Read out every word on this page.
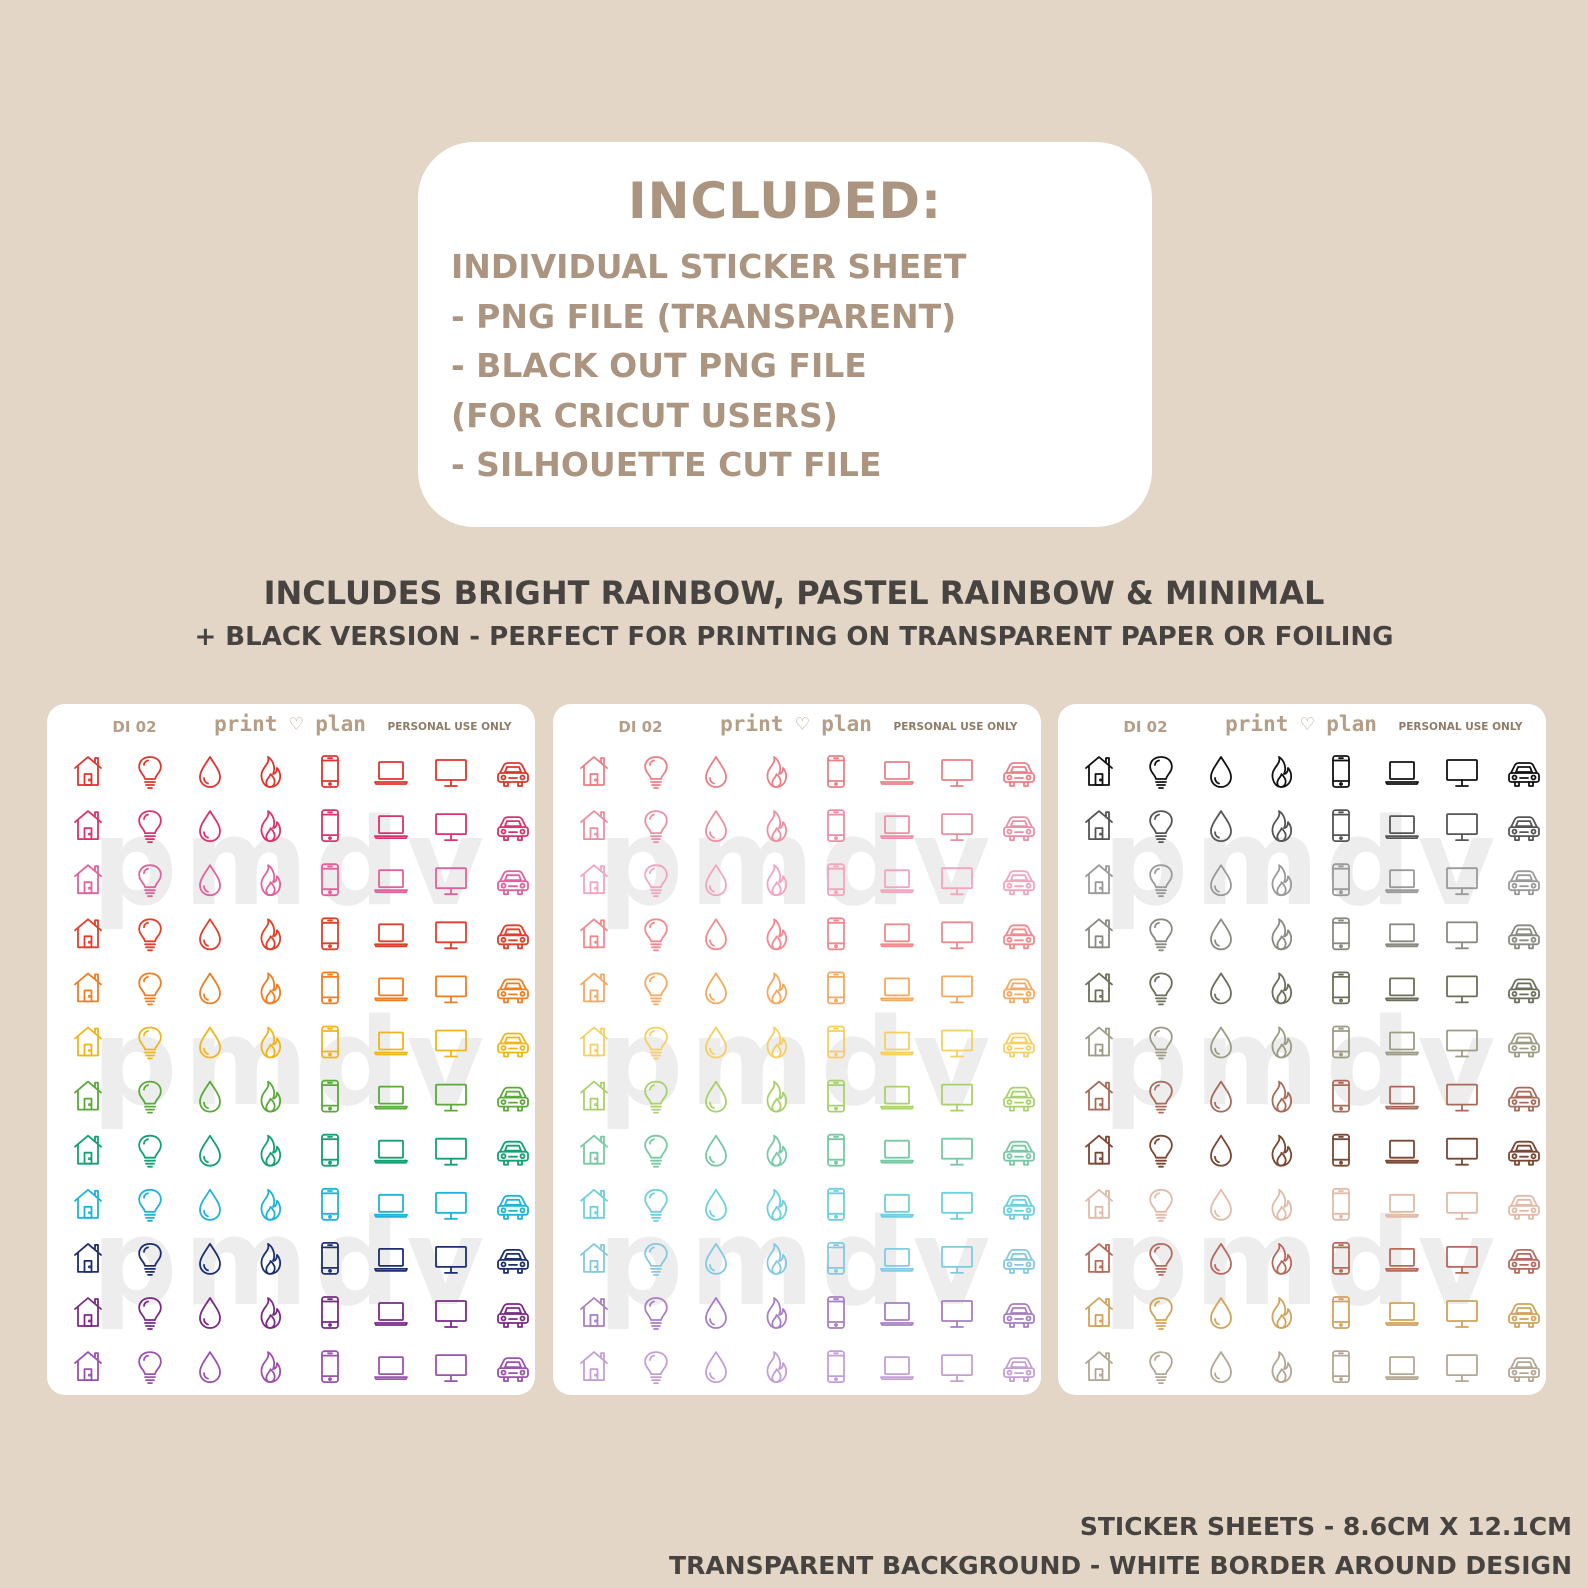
INCLUDED:
INDIVIDUAL STICKER SHEET
- PNG FILE (TRANSPARENT)
- BLACK OUT PNG FILE
(FOR CRICUT USERS)
- SILHOUETTE CUT FILE
INCLUDES BRIGHT RAINBOW, PASTEL RAINBOW & MINIMAL
+ BLACK VERSION - PERFECT FOR PRINTING ON TRANSPARENT PAPER OR FOILING
pmdv
pmdv
pmdv
DI 02	print ♡ plan	PERSONAL USE ONLY
pmdv
pmdv
pmdv
DI 02	print ♡ plan	PERSONAL USE ONLY
pmdv
pmdv
pmdv
DI 02	print ♡ plan	PERSONAL USE ONLY

STICKER SHEETS - 8.6CM X 12.1CM

TRANSPARENT BACKGROUND - WHITE BORDER AROUND DESIGN
